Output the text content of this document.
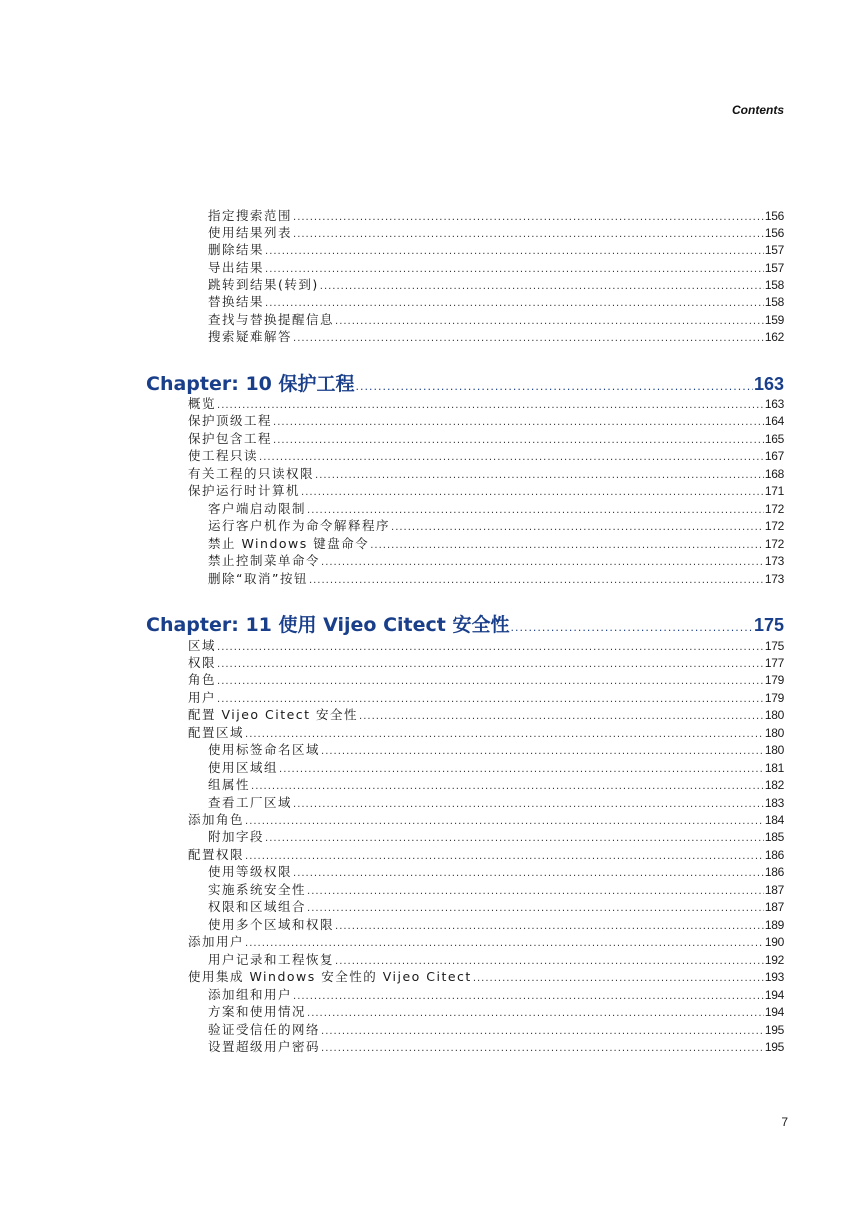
Contents
指定搜索范围 .....	156
使用结果列表 .....	156
删除结果 .....	157
导出结果 .....	157
跳转到结果(转到) .....	158
替换结果 .....	158
查找与替换提醒信息 .....	159
搜索疑难解答 .....	162
Chapter: 10 保护工程 .....	163
概览 .....	163
保护顶级工程 .....	164
保护包含工程 .....	165
使工程只读 .....	167
有关工程的只读权限 .....	168
保护运行时计算机 .....	171
客户端启动限制 .....	172
运行客户机作为命令解释程序 .....	172
禁止 Windows 键盘命令 .....	172
禁止控制菜单命令 .....	173
删除“取消”按钮 .....	173
Chapter: 11 使用 Vijeo Citect 安全性 .....	175
区域 .....	175
权限 .....	177
角色 .....	179
用户 .....	179
配置 Vijeo Citect 安全性 .....	180
配置区域 .....	180
使用标签命名区域 .....	180
使用区域组 .....	181
组属性 .....	182
查看工厂区域 .....	183
添加角色 .....	184
附加字段 .....	185
配置权限 .....	186
使用等级权限 .....	186
实施系统安全性 .....	187
权限和区域组合 .....	187
使用多个区域和权限 .....	189
添加用户 .....	190
用户记录和工程恢复 .....	192
使用集成 Windows 安全性的 Vijeo Citect .....	193
添加组和用户 .....	194
方案和使用情况 .....	194
验证受信任的网络 .....	195
设置超级用户密码 .....	195
7
